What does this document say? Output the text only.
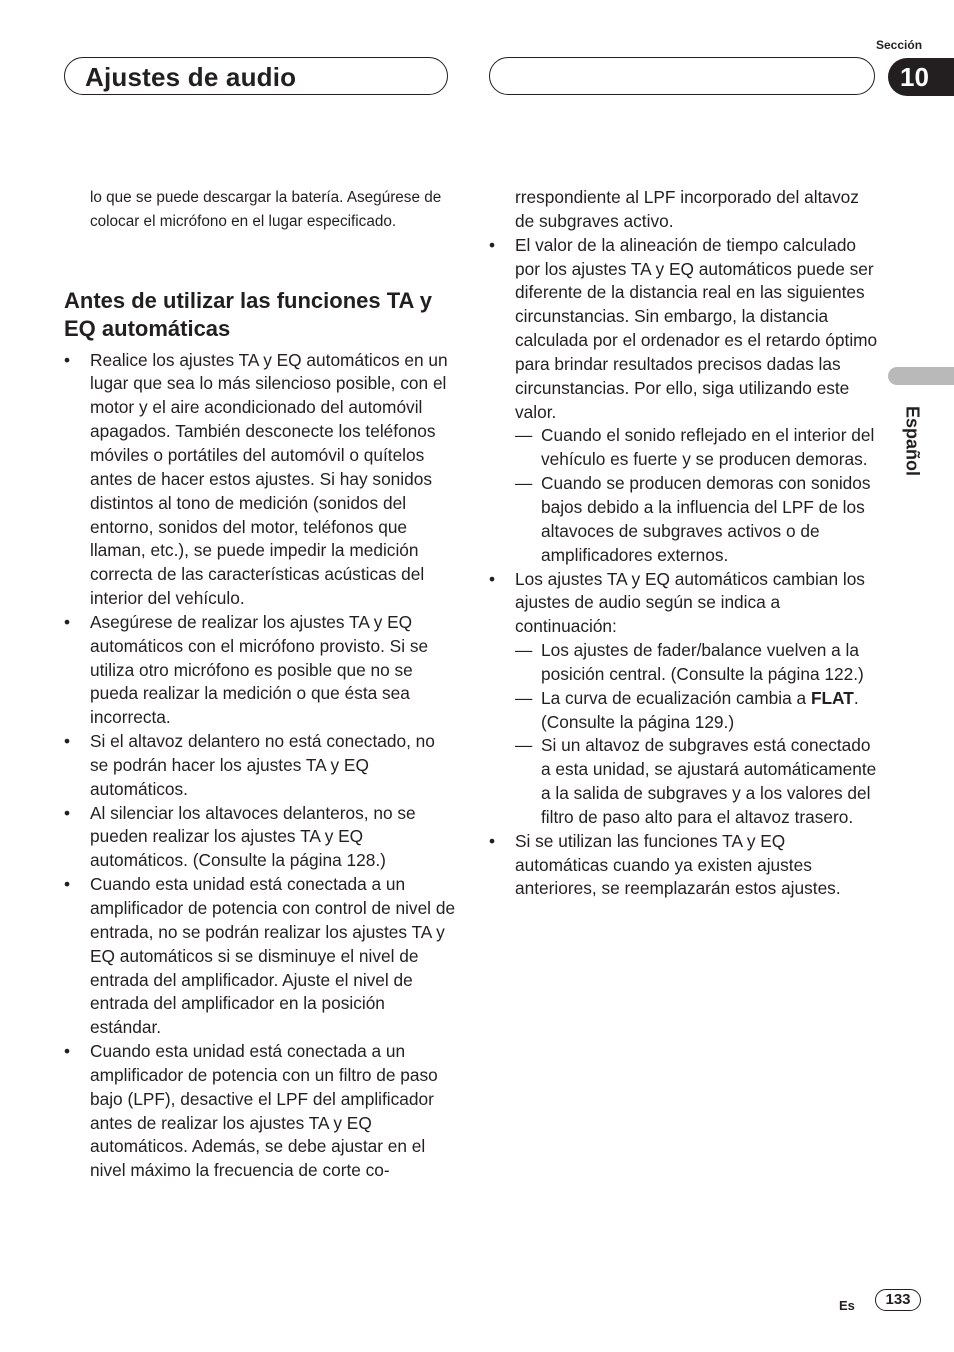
Ajustes de audio
Sección
10
Español

lo que se puede descargar la batería. Asegúrese de colocar el micrófono en el lugar especificado.

Antes de utilizar las funciones TA y EQ automáticas

• Realice los ajustes TA y EQ automáticos en un lugar que sea lo más silencioso posible, con el motor y el aire acondicionado del automóvil apagados. También desconecte los teléfonos móviles o portátiles del automóvil o quítelos antes de hacer estos ajustes. Si hay sonidos distintos al tono de medición (sonidos del entorno, sonidos del motor, teléfonos que llaman, etc.), se puede impedir la medición correcta de las características acústicas del interior del vehículo.

• Asegúrese de realizar los ajustes TA y EQ automáticos con el micrófono provisto. Si se utiliza otro micrófono es posible que no se pueda realizar la medición o que ésta sea incorrecta.

• Si el altavoz delantero no está conectado, no se podrán hacer los ajustes TA y EQ automáticos.

• Al silenciar los altavoces delanteros, no se pueden realizar los ajustes TA y EQ automáticos. (Consulte la página 128.)

• Cuando esta unidad está conectada a un amplificador de potencia con control de nivel de entrada, no se podrán realizar los ajustes TA y EQ automáticos si se disminuye el nivel de entrada del amplificador. Ajuste el nivel de entrada del amplificador en la posición estándar.

• Cuando esta unidad está conectada a un amplificador de potencia con un filtro de paso bajo (LPF), desactive el LPF del amplificador antes de realizar los ajustes TA y EQ automáticos. Además, se debe ajustar en el nivel máximo la frecuencia de corte co-

rrespondiente al LPF incorporado del altavoz de subgraves activo.

• El valor de la alineación de tiempo calculado por los ajustes TA y EQ automáticos puede ser diferente de la distancia real en las siguientes circunstancias. Sin embargo, la distancia calculada por el ordenador es el retardo óptimo para brindar resultados precisos dadas las circunstancias. Por ello, siga utilizando este valor.

— Cuando el sonido reflejado en el interior del vehículo es fuerte y se producen demoras.

— Cuando se producen demoras con sonidos bajos debido a la influencia del LPF de los altavoces de subgraves activos o de amplificadores externos.

• Los ajustes TA y EQ automáticos cambian los ajustes de audio según se indica a continuación:

— Los ajustes de fader/balance vuelven a la posición central. (Consulte la página 122.)

— La curva de ecualización cambia a FLAT. (Consulte la página 129.)

— Si un altavoz de subgraves está conectado a esta unidad, se ajustará automáticamente a la salida de subgraves y a los valores del filtro de paso alto para el altavoz trasero.

• Si se utilizan las funciones TA y EQ automáticas cuando ya existen ajustes anteriores, se reemplazarán estos ajustes.

Es	133
